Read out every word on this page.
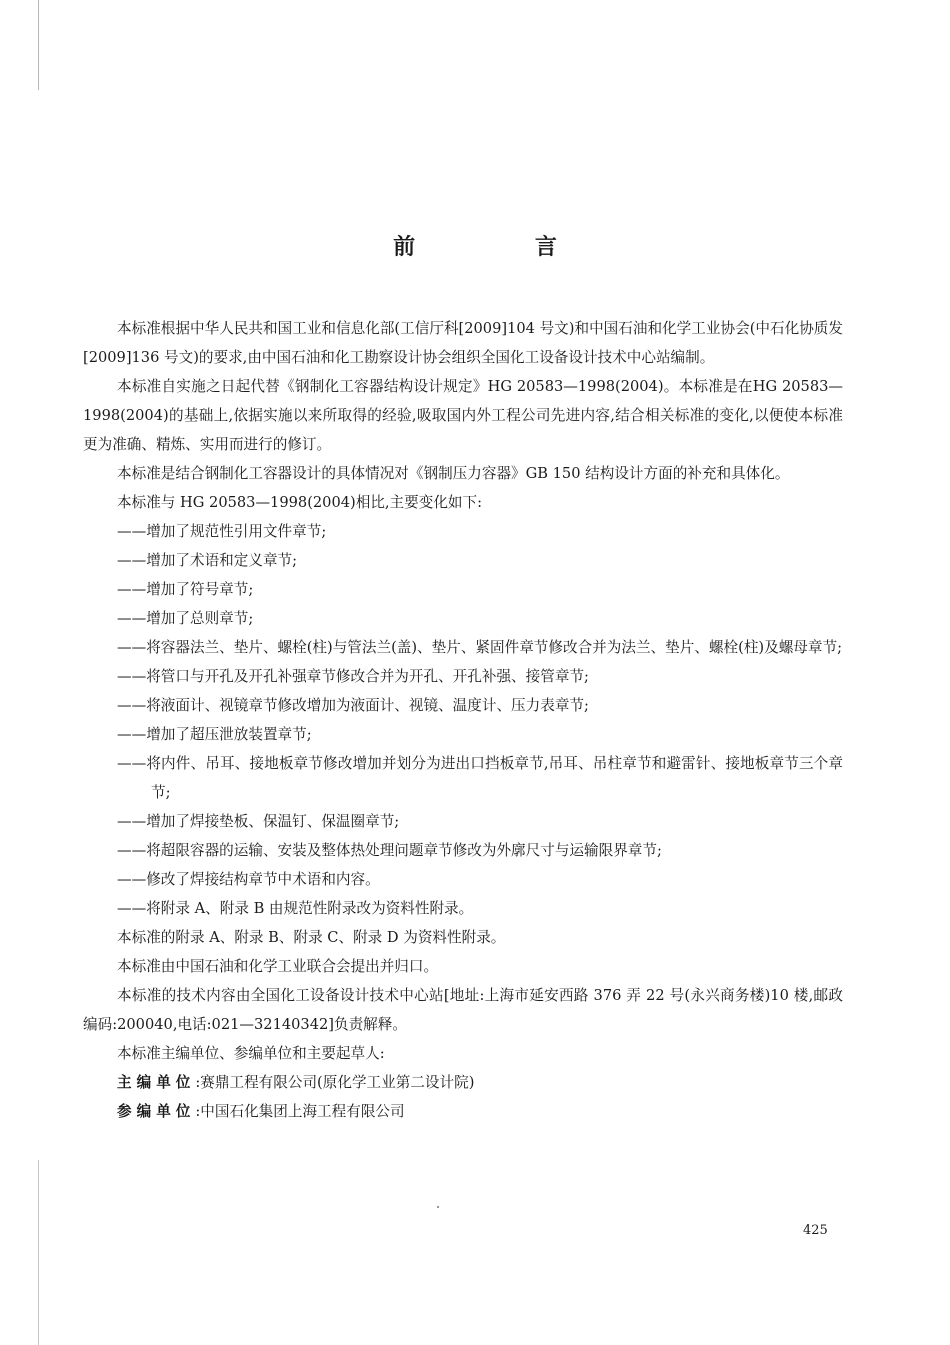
前 言

本标准根据中华人民共和国工业和信息化部(工信厅科[2009]104 号文)和中国石油和化学工业协会(中石化协质发[2009]136 号文)的要求,由中国石油和化工勘察设计协会组织全国化工设备设计技术中心站编制。

本标准自实施之日起代替《钢制化工容器结构设计规定》HG 20583—1998(2004)。本标准是在HG 20583—1998(2004)的基础上,依据实施以来所取得的经验,吸取国内外工程公司先进内容,结合相关标准的变化,以便使本标准更为准确、精炼、实用而进行的修订。

本标准是结合钢制化工容器设计的具体情况对《钢制压力容器》GB 150 结构设计方面的补充和具体化。

本标准与 HG 20583—1998(2004)相比,主要变化如下:

——增加了规范性引用文件章节;

——增加了术语和定义章节;

——增加了符号章节;

——增加了总则章节;

——将容器法兰、垫片、螺栓(柱)与管法兰(盖)、垫片、紧固件章节修改合并为法兰、垫片、螺栓(柱)及螺母章节;

——将管口与开孔及开孔补强章节修改合并为开孔、开孔补强、接管章节;

——将液面计、视镜章节修改增加为液面计、视镜、温度计、压力表章节;

——增加了超压泄放装置章节;

——将内件、吊耳、接地板章节修改增加并划分为进出口挡板章节,吊耳、吊柱章节和避雷针、接地板章节三个章节;

——增加了焊接垫板、保温钉、保温圈章节;

——将超限容器的运输、安装及整体热处理问题章节修改为外廓尺寸与运输限界章节;

——修改了焊接结构章节中术语和内容。

——将附录 A、附录 B 由规范性附录改为资料性附录。

本标准的附录 A、附录 B、附录 C、附录 D 为资料性附录。

本标准由中国石油和化学工业联合会提出并归口。

本标准的技术内容由全国化工设备设计技术中心站[地址:上海市延安西路 376 弄 22 号(永兴商务楼)10 楼,邮政编码:200040,电话:021—32140342]负责解释。

本标准主编单位、参编单位和主要起草人:

主编单位:赛鼎工程有限公司(原化学工业第二设计院)

参编单位:中国石化集团上海工程有限公司

425
